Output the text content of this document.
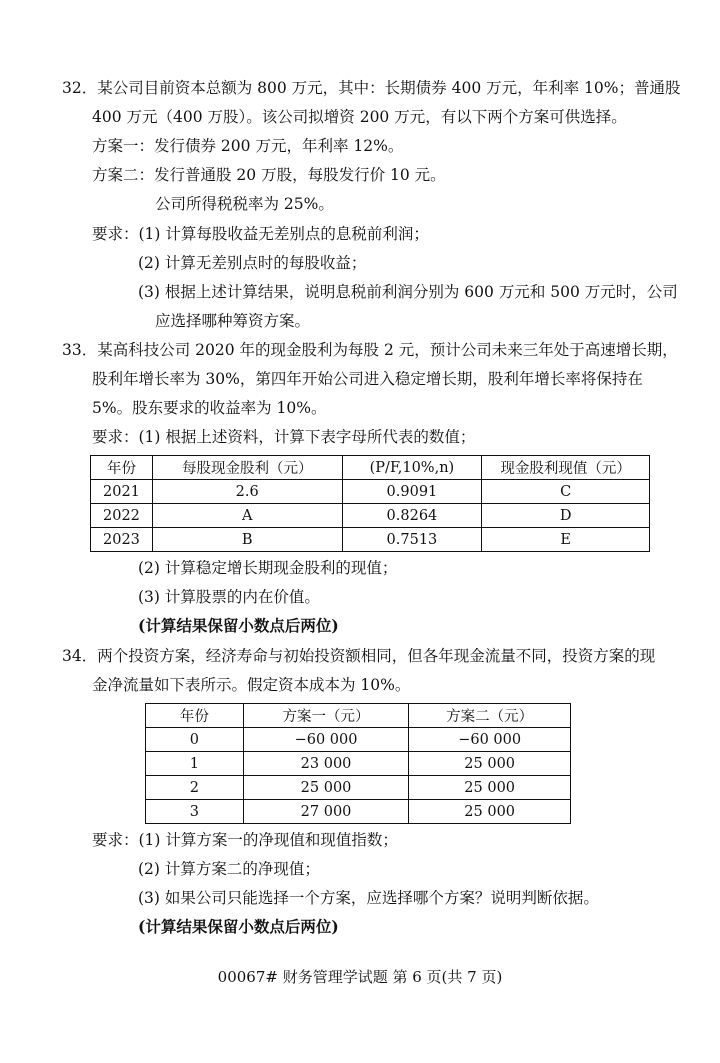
32．某公司目前资本总额为 800 万元，其中：长期债券 400 万元，年利率 10%；普通股
400 万元（400 万股）。该公司拟增资 200 万元，有以下两个方案可供选择。
方案一：发行债券 200 万元，年利率 12%。
方案二：发行普通股 20 万股，每股发行价 10 元。
公司所得税税率为 25%。
要求：(1) 计算每股收益无差别点的息税前利润；
(2) 计算无差别点时的每股收益；
(3) 根据上述计算结果，说明息税前利润分别为 600 万元和 500 万元时，公司
应选择哪种筹资方案。
33．某高科技公司 2020 年的现金股利为每股 2 元，预计公司未来三年处于高速增长期，
股利年增长率为 30%，第四年开始公司进入稳定增长期，股利年增长率将保持在
5%。股东要求的收益率为 10%。
要求：(1) 根据上述资料，计算下表字母所代表的数值；
年份	每股现金股利（元）	(P/F,10%,n)	现金股利现值（元）
2021	2.6	0.9091	C
2022	A	0.8264	D
2023	B	0.7513	E
(2) 计算稳定增长期现金股利的现值；
(3) 计算股票的内在价值。
(计算结果保留小数点后两位)
34．两个投资方案，经济寿命与初始投资额相同，但各年现金流量不同，投资方案的现
金净流量如下表所示。假定资本成本为 10%。
年份	方案一（元）	方案二（元）
0	−60 000	−60 000
1	23 000	25 000
2	25 000	25 000
3	27 000	25 000
要求：(1) 计算方案一的净现值和现值指数；
(2) 计算方案二的净现值；
(3) 如果公司只能选择一个方案，应选择哪个方案？说明判断依据。
(计算结果保留小数点后两位)
00067# 财务管理学试题 第 6 页(共 7 页)
